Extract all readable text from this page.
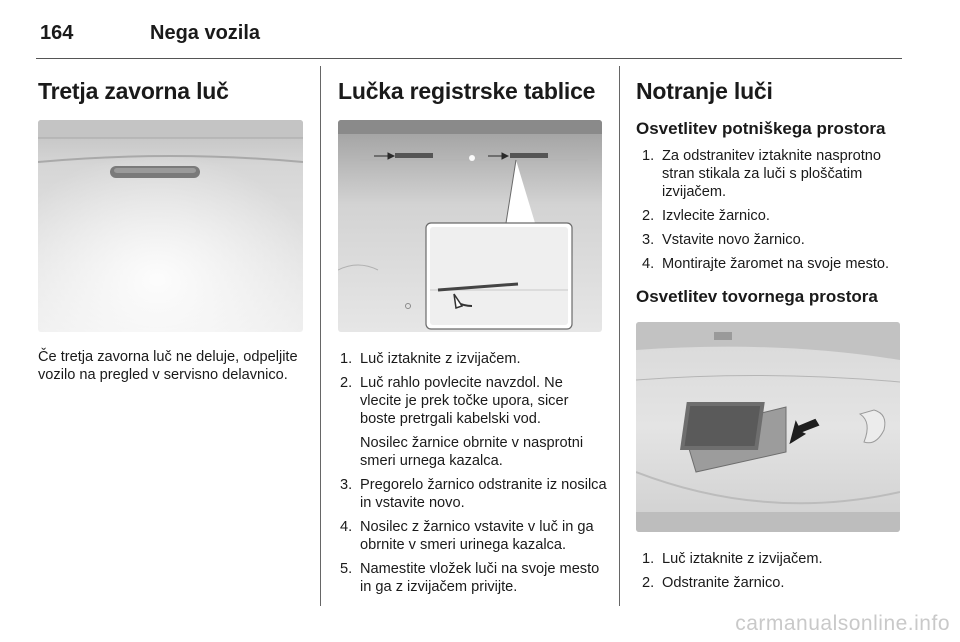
164	Nega vozila
Tretja zavorna luč

Če tretja zavorna luč ne deluje, odpeljite vozilo na pregled v servisno delavnico.

Lučka registrske tablice
1. Luč iztaknite z izvijačem.
2. Luč rahlo povlecite navzdol. Ne vlecite je prek točke upora, sicer boste pretrgali kabelski vod.
Nosilec žarnice obrnite v nasprotni smeri urnega kazalca.
3. Pregorelo žarnico odstranite iz nosilca in vstavite novo.
4. Nosilec z žarnico vstavite v luč in ga obrnite v smeri urinega kazalca.
5. Namestite vložek luči na svoje mesto in ga z izvijačem privijte.
Notranje luči
Osvetlitev potniškega prostora
1. Za odstranitev iztaknite nasprotno stran stikala za luči s ploščatim izvijačem.
2. Izvlecite žarnico.
3. Vstavite novo žarnico.
4. Montirajte žaromet na svoje mesto.
Osvetlitev tovornega prostora
1. Luč iztaknite z izvijačem.
2. Odstranite žarnico.
carmanualsonline.info
